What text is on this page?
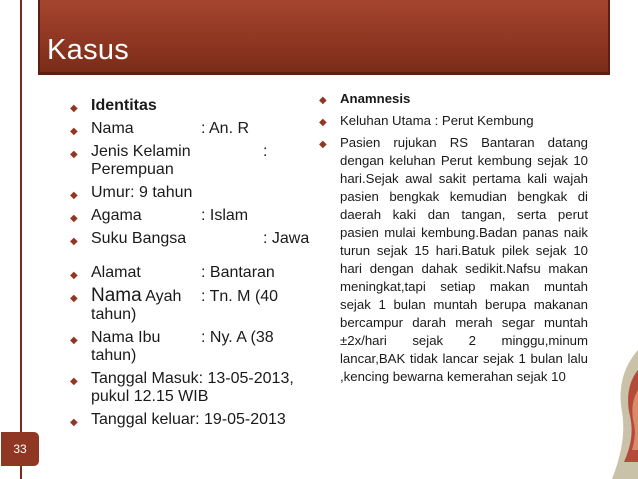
Kasus
◆ Identitas
◆ Nama	: An. R
◆ Jenis Kelamin	:
Perempuan
◆ Umur: 9 tahun
◆ Agama	: Islam
◆ Suku Bangsa	: Jawa
◆ Alamat	: Bantaran
◆ Nama Ayah : Tn. M (40
tahun)
◆ Nama Ibu	: Ny. A (38
tahun)
◆ Tanggal Masuk: 13-05-2013, pukul 12.15 WIB
◆ Tanggal keluar: 19-05-2013
◆ Anamnesis
◆ Keluhan Utama : Perut Kembung
◆ Pasien rujukan RS Bantaran datang dengan keluhan Perut kembung sejak 10 hari.Sejak awal sakit pertama kali wajah pasien bengkak kemudian bengkak di daerah kaki dan tangan, serta perut pasien mulai kembung.Badan panas naik turun sejak 15 hari.Batuk pilek sejak 10 hari dengan dahak sedikit.Nafsu makan meningkat,tapi setiap makan muntah sejak 1 bulan muntah berupa makanan bercampur darah merah segar muntah ±2x/hari sejak 2 minggu,minum lancar,BAK tidak lancar sejak 1 bulan lalu ,kencing bewarna kemerahan sejak 10
33
